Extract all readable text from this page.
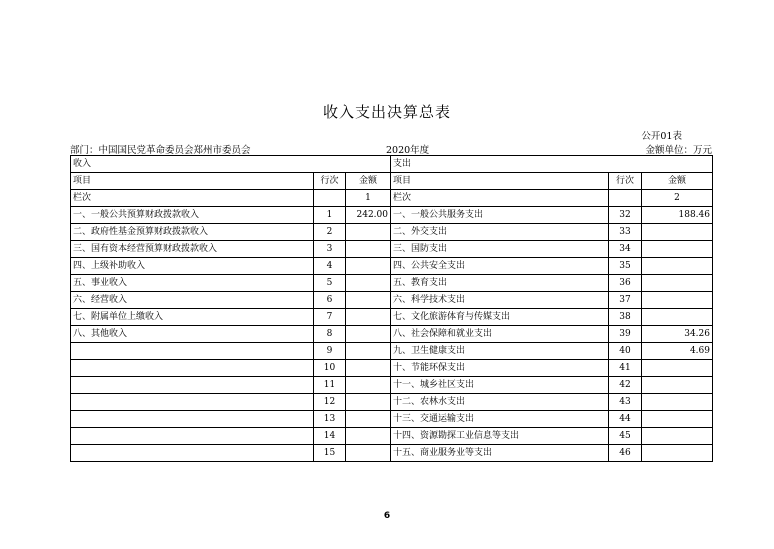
收入支出决算总表
公开01表
部门：中国国民党革命委员会郑州市委员会	2020年度	金额单位：万元
收入			支出		
项目	行次	金额	项目	行次	金额
栏次		1	栏次		2
一、一般公共预算财政拨款收入	1	242.00	一、一般公共服务支出	32	188.46
二、政府性基金预算财政拨款收入	2		二、外交支出	33	
三、国有资本经营预算财政拨款收入	3		三、国防支出	34	
四、上级补助收入	4		四、公共安全支出	35	
五、事业收入	5		五、教育支出	36	
六、经营收入	6		六、科学技术支出	37	
七、附属单位上缴收入	7		七、文化旅游体育与传媒支出	38	
八、其他收入	8		八、社会保障和就业支出	39	34.26
	9		九、卫生健康支出	40	4.69
	10		十、节能环保支出	41	
	11		十一、城乡社区支出	42	
	12		十二、农林水支出	43	
	13		十三、交通运输支出	44	
	14		十四、资源勘探工业信息等支出	45	
	15		十五、商业服务业等支出	46	
6
